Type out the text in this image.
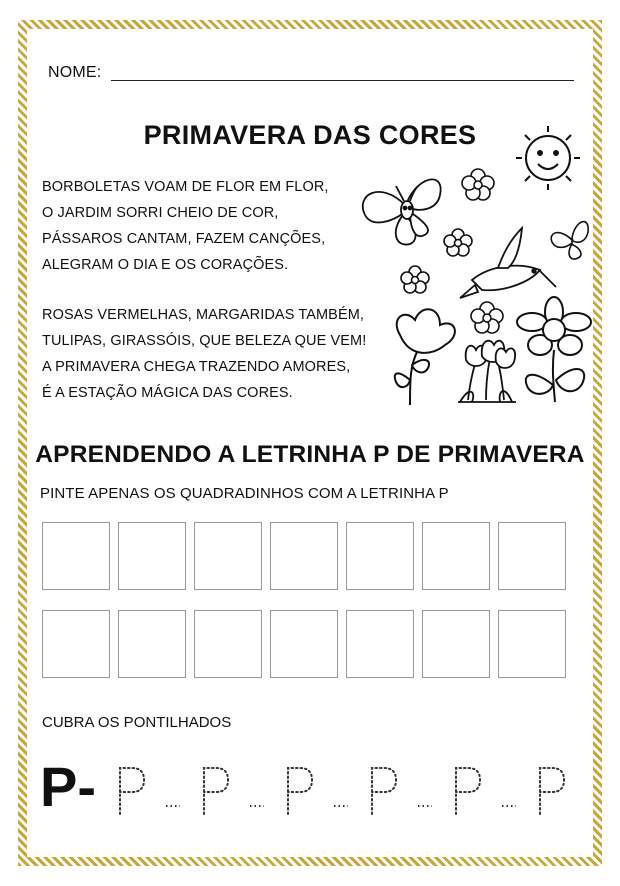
NOME:
PRIMAVERA DAS CORES
BORBOLETAS VOAM DE FLOR EM FLOR,
O JARDIM SORRI CHEIO DE COR,
PÁSSAROS CANTAM, FAZEM CANÇÕES,
ALEGRAM O DIA E OS CORAÇÕES.
ROSAS VERMELHAS, MARGARIDAS TAMBÉM,
TULIPAS, GIRASSÓIS, QUE BELEZA QUE VEM!
A PRIMAVERA CHEGA TRAZENDO AMORES,
É A ESTAÇÃO MÁGICA DAS CORES.
APRENDENDO A LETRINHA P DE PRIMAVERA
PINTE APENAS OS QUADRADINHOS COM A LETRINHA P
CUBRA OS PONTILHADOS
P-
